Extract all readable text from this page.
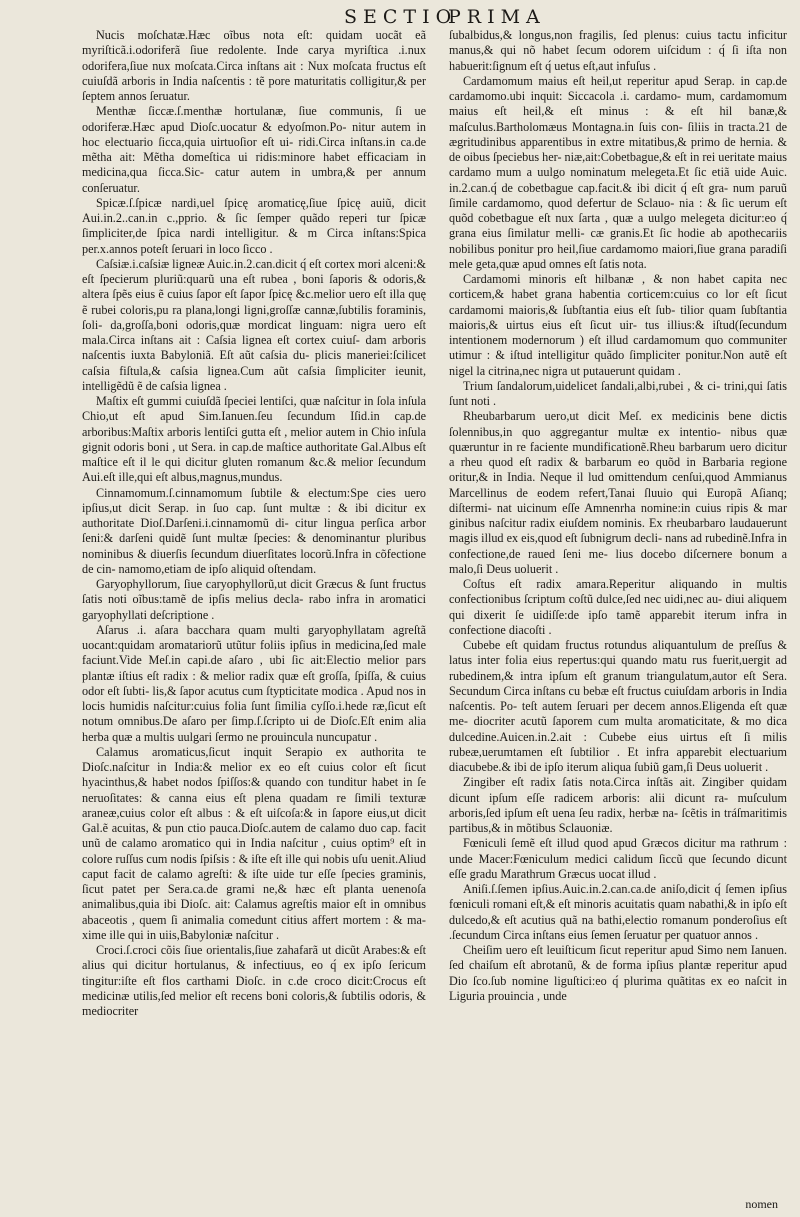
SECTIO
PRIMA

Nucis moſchatæ.Hæc oĩbus nota eſt: quidam uocãt eã myriſticã.i.odoriferã ſiue redolente. Inde carya myriſtica .i.nux odorifera,ſiue nux moſcata.Circa inſtans ait : Nux moſcata fructus eſt cuiuſdã arboris in India naſcentis : tẽ pore maturitatis colligitur,& per ſeptem annos ſeruatur.

Menthæ ſiccæ.ſ.menthæ hortulanæ, ſiue communis, ſi ue odoriferæ.Hæc apud Dioſc.uocatur & edyoſmon.Po- nitur autem in hoc electuario ſicca,quia uirtuoſior eſt ui- ridi.Circa inſtans.in ca.de mẽtha ait: Mẽtha domeſtica ui ridis:minore habet efficaciam in medicina,qua ſicca.Sic- catur autem in umbra,& per annum conſeruatur.

Spicæ.ſ.ſpicæ nardi,uel ſpicę aromaticę,ſiue ſpicę auiũ, dicit Aui.in.2..can.in c.,pprio. & ſic ſemper quãdo reperi tur ſpicæ ſimpliciter,de ſpica nardi intelligitur. & m Circa inſtans:Spica per.x.annos poteſt ſeruari in loco ſicco .

Caſsiæ.i.caſsiæ ligneæ Auic.in.2.can.dicit q́ eſt cortex mori alceni:& eſt ſpecierum pluriũ:quarũ una eſt rubea , boni ſaporis & odoris,& altera ſpẽs eius ẽ cuius ſapor eſt ſapor ſpicę &c.melior uero eſt illa quę ẽ rubei coloris,pu ra plana,longi ligni,groſſæ cannæ,ſubtilis foraminis, ſoli- da,groſſa,boni odoris,quæ mordicat linguam: nigra uero eſt mala.Circa inſtans ait : Caſsia lignea eſt cortex cuiuſ- dam arboris naſcentis iuxta Babyloniã. Eſt aũt caſsia du- plicis maneriei:ſcilicet caſsia fiſtula,& caſsia lignea.Cum aũt caſsia ſimpliciter ieunit, intelligẽdũ ẽ de caſsia lignea .

Maſtix eſt gummi cuiuſdã ſpeciei lentiſci, quæ naſcitur in ſola inſula Chio,ut eſt apud Sim.Ianuen.ſeu ſecundum Iſid.in cap.de arboribus:Maſtix arboris lentiſci gutta eſt , melior autem in Chio inſula gignit odoris boni , ut Sera. in cap.de maſtice authoritate Gal.Albus eſt maſtice eſt il le qui dicitur gluten romanum &c.& melior ſecundum Aui.eſt ille,qui eſt albus,magnus,mundus.

Cinnamomum.ſ.cinnamomum ſubtile & electum:Spe cies uero ipſius,ut dicit Serap. in ſuo cap. ſunt multæ : & ibi dicitur ex authoritate Dioſ.Darſeni.i.cinnamomũ di- citur lingua perſica arbor ſeni:& darſeni quidẽ ſunt multæ ſpecies: & denominantur pluribus nominibus & diuerſis ſecundum diuerſitates locorũ.Infra in cõfectione de cin- namomo,etiam de ipſo aliquid oſtendam.

Garyophyllorum, ſiue caryophyllorũ,ut dicit Græcus & ſunt fructus ſatis noti oĩbus:tamẽ de ipſis melius decla- rabo infra in aromatici garyophyllati deſcriptione .

Aſarus .i. aſara bacchara quam multi garyophyllatam agreſtã uocant:quidam aromatariorũ utũtur foliis ipſius in medicina,ſed male faciunt.Vide Meſ.in capi.de aſaro , ubi ſic ait:Electio melior pars plantæ iſtius eſt radix : & melior radix quæ eſt groſſa, ſpiſſa, & cuius odor eſt ſubti- lis,& ſapor acutus cum ſtypticitate modica . Apud nos in locis humidis naſcitur:cuius folia ſunt ſimilia cyſſo.i.hede ræ,ſicut eſt notum omnibus.De aſaro per ſimp.ſ.ſcripto ui de Dioſc.Eſt enim alia herba quæ a multis uulgari ſermo ne prouincula nuncupatur .

Calamus aromaticus,ſicut inquit Serapio ex authorita te Dioſc.naſcitur in India:& melior ex eo eſt cuius color eſt ſicut hyacinthus,& habet nodos ſpiſſos:& quando con tunditur habet in ſe neruoſitates: & canna eius eſt plena quadam re ſimili texturæ araneæ,cuius color eſt albus : & eſt uiſcoſa:& in ſapore eius,ut dicit Gal.ẽ acuitas, & pun ctio pauca.Dioſc.autem de calamo duo cap. facit unũ de calamo aromatico qui in India naſcitur , cuius optim⁹ eſt in colore ruſſus cum nodis ſpiſsis : & iſte eſt ille qui nobis uſu uenit.Aliud caput facit de calamo agreſti: & iſte uide tur eſſe ſpecies graminis, ſicut patet per Sera.ca.de grami ne,& hæc eſt planta uenenoſa animalibus,quia ibi Dioſc. ait: Calamus agreſtis maior eſt in omnibus abaceotis , quem ſi animalia comedunt citius affert mortem : & ma- xime ille qui in uiis,Babyloniæ naſcitur .

Croci.ſ.croci cõis ſiue orientalis,ſiue zahafarã ut dicũt Arabes:& eſt alius qui dicitur hortulanus, & infectiuus, eo q́ ex ipſo ſericum tingitur:iſte eſt flos carthami Dioſc. in c.de croco dicit:Crocus eſt medicinæ utilis,ſed melior eſt recens boni coloris,& ſubtilis odoris, & mediocriter

ſubalbidus,& longus,non fragilis, ſed plenus: cuius tactu inficitur manus,& qui nõ habet ſecum odorem uiſcidum : q́ ſi iſta non habuerit:ſignum eſt q́ uetus eſt,aut infuſus .

Cardamomum maius eſt heil,ut reperitur apud Serap. in cap.de cardamomo.ubi inquit: Siccacola .i. cardamo- mum, cardamomum maius eſt heil,& eſt minus : & eſt hil banæ,& maſculus.Bartholomæus Montagna.in ſuis con- ſiliis in tracta.21 de ægritudinibus apparentibus in extre mitatibus,& primo de hernia. & de oibus ſpeciebus her- niæ,ait:Cobetbague,& eſt in rei ueritate maius cardamo mum a uulgo nominatum melegeta.Et ſic etiã uide Auic. in.2.can.q́ de cobetbague cap.facit.& ibi dicit q́ eſt gra- num paruũ ſimile cardamomo, quod defertur de Sclauo- nia : & ſic uerum eſt quõd cobetbague eſt nux ſarta , quæ a uulgo melegeta dicitur:eo q́ grana eius ſimilatur melli- cæ granis.Et ſic hodie ab apothecariis nobilibus ponitur pro heil,ſiue cardamomo maiori,ſiue grana paradiſi mele geta,quæ apud omnes eſt ſatis nota.

Cardamomi minoris eſt hilbanæ , & non habet capita nec corticem,& habet grana habentia corticem:cuius co lor eſt ſicut cardamomi maioris,& ſubſtantia eius eſt ſub- tilior quam ſubſtantia maioris,& uirtus eius eſt ſicut uir- tus illius:& iſtud(ſecundum intentionem modernorum ) eſt illud cardamomum quo communiter utimur : & iſtud intelligitur quãdo ſimpliciter ponitur.Non autẽ eſt nigel la citrina,nec nigra ut putauerunt quidam .

Trium ſandalorum,uidelicet ſandali,albi,rubei , & ci- trini,qui ſatis ſunt noti .

Rheubarbarum uero,ut dicit Meſ. ex medicinis bene dictis ſolennibus,in quo aggregantur multæ ex intentio- nibus quæ quæruntur in re faciente mundificationẽ.Rheu barbarum uero dicitur a rheu quod eſt radix & barbarum eo quõd in Barbaria regione oritur,& in India. Neque il lud omittendum cenſui,quod Ammianus Marcellinus de eodem refert,Tanai ſluuio qui Europã Aſianq; diſtermi- nat uicinum eſſe Amnenrha nomine:in cuius ripis & mar ginibus naſcitur radix eiuſdem nominis. Ex rheubarbaro laudauerunt magis illud ex eis,quod eſt ſubnigrum decli- nans ad rubedinẽ.Infra in confectione,de raued ſeni me- lius docebo diſcernere bonum a malo,ſi Deus uoluerit .

Coſtus eſt radix amara.Reperitur aliquando in multis confectionibus ſcriptum coſtũ dulce,ſed nec uidi,nec au- diui aliquem qui dixerit ſe uidiſſe:de ipſo tamẽ apparebit iterum infra in confectione diacoſti .

Cubebe eſt quidam fructus rotundus aliquantulum de preſſus & latus inter folia eius repertus:qui quando matu rus fuerit,uergit ad rubedinem,& intra ipſum eſt granum triangulatum,autor eſt Sera. Secundum Circa inſtans cu bebæ eſt fructus cuiuſdam arboris in India naſcentis. Po- teſt autem ſeruari per decem annos.Eligenda eſt quæ me- diocriter acutũ ſaporem cum multa aromaticitate, & mo dica dulcedine.Auicen.in.2.ait : Cubebe eius uirtus eſt ſi milis rubeæ,uerumtamen eſt ſubtilior . Et infra apparebit electuarium diacubebe.& ibi de ipſo iterum aliqua ſubiũ gam,ſi Deus uoluerit .

Zingiber eſt radix ſatis nota.Circa inſtãs ait. Zingiber quidam dicunt ipſum eſſe radicem arboris: alii dicunt ra- muſculum arboris,ſed ipſum eſt uena ſeu radix, herbæ na- ſcẽtis in tráſmaritimis partibus,& in mõtibus Sclauoniæ.

Fœniculi ſemẽ eſt illud quod apud Græcos dicitur ma rathrum : unde Macer:Fœniculum medici calidum ſiccũ que ſecundo dicunt eſſe gradu Marathrum Græcus uocat illud .

Aniſi.ſ.ſemen ipſius.Auic.in.2.can.ca.de aniſo,dicit q́ ſemen ipſius fœniculi romani eſt,& eſt minoris acuitatis quam nabathi,& in ipſo eſt dulcedo,& eſt acutius quã na bathi,electio romanum ponderoſius eſt .ſecundum Circa inſtans eius ſemen ſeruatur per quatuor annos .

Cheiſim uero eſt leuiſticum ſicut reperitur apud Simo nem Ianuen. ſed chaiſum eſt abrotanũ, & de forma ipſius plantæ reperitur apud Dio ſco.ſub nomine liguſtici:eo q́ plurima quãtitas ex eo naſcit in Liguria prouincia , unde

nomen
